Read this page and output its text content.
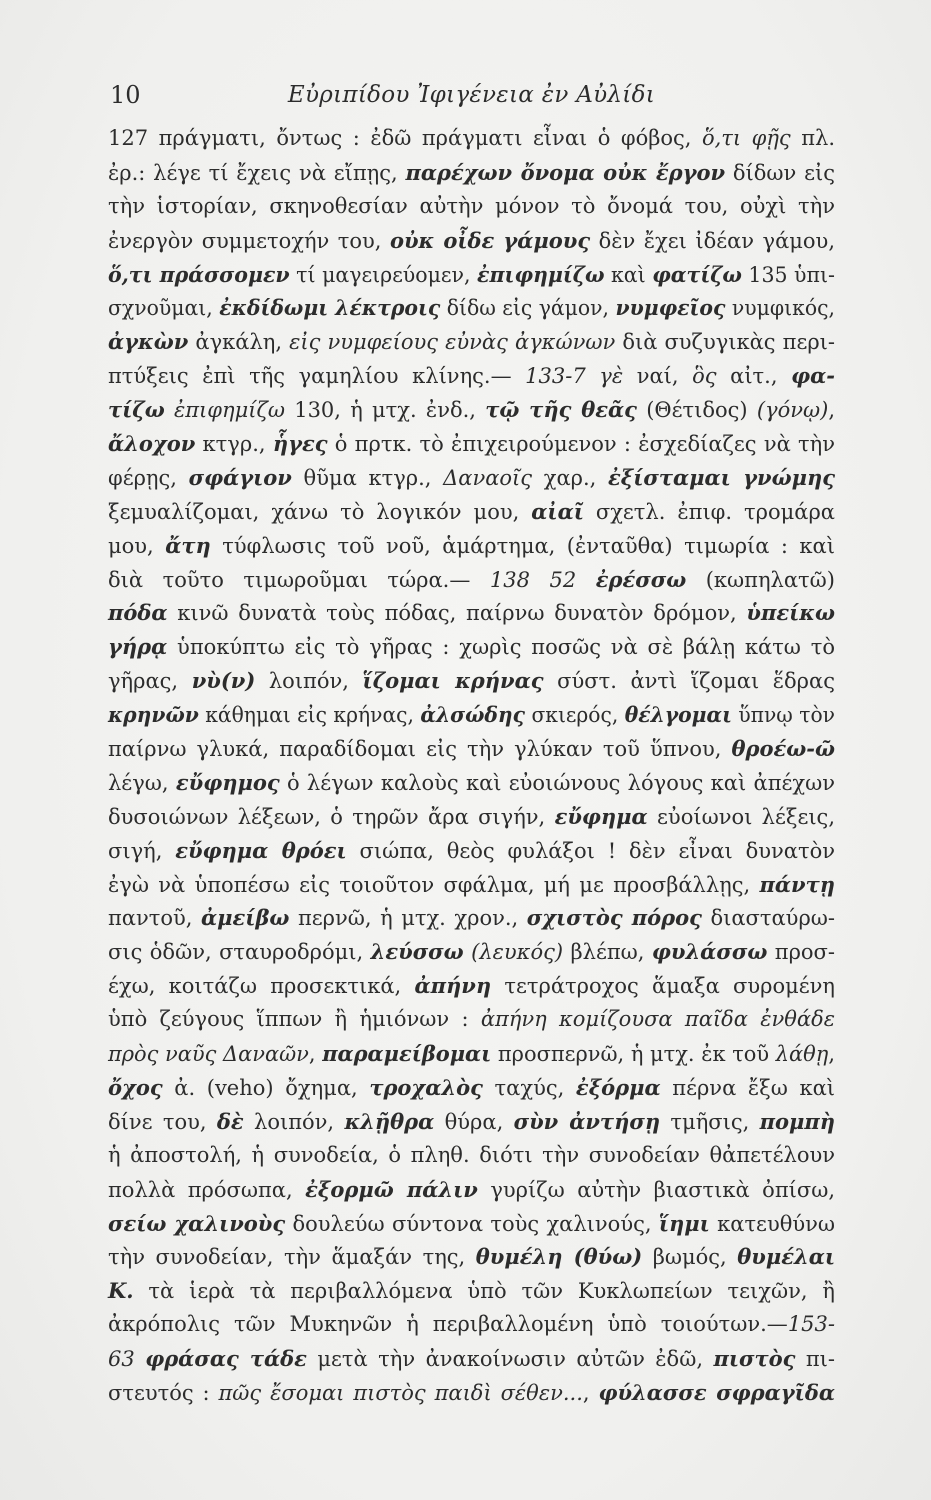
10	Εὐριπίδου Ἰφιγένεια ἐν Αὐλίδι
127 πράγματι, ὄντως : ἐδῶ πράγματι εἶναι ὁ φόβος, ὅ,τι φῇς πλ.
ἐρ.: λέγε τί ἔχεις νὰ εἴπῃς, παρέχων ὄνομα οὐκ ἔργον δίδων εἰς
τὴν ἱστορίαν, σκηνοθεσίαν αὐτὴν μόνον τὸ ὄνομά του, οὐχὶ τὴν
ἐνεργὸν συμμετοχήν του, οὐκ οἶδε γάμους δὲν ἔχει ἰδέαν γάμου,
ὅ,τι πράσσομεν τί μαγειρεύομεν, ἐπιφημίζω καὶ φατίζω 135 ὑπι-
σχνοῦμαι, ἐκδίδωμι λέκτροις δίδω εἰς γάμον, νυμφεῖος νυμφικός,
ἀγκὼν ἀγκάλη, εἰς νυμφείους εὐνὰς ἀγκώνων διὰ συζυγικὰς περι-
πτύξεις ἐπὶ τῆς γαμηλίου κλίνης.— 133-7 γὲ ναί, ὃς αἰτ., φα-
τίζω ἐπιφημίζω 130, ἡ μτχ. ἐνδ., τῷ τῆς θεᾶς (Θέτιδος) (γόνῳ),
ἄλοχον κτγρ., ἧγες ὁ πρτκ. τὸ ἐπιχειρούμενον : ἐσχεδίαζες νὰ τὴν
φέρῃς, σφάγιον θῦμα κτγρ., Δαναοῖς χαρ., ἐξίσταμαι γνώμης
ξεμυαλίζομαι, χάνω τὸ λογικόν μου, αἰαῖ σχετλ. ἐπιφ. τρομάρα
μου, ἄτη τύφλωσις τοῦ νοῦ, ἁμάρτημα, (ἐνταῦθα) τιμωρία : καὶ
διὰ τοῦτο τιμωροῦμαι τώρα.— 138 52 ἐρέσσω (κωπηλατῶ)
πόδα κινῶ δυνατὰ τοὺς πόδας, παίρνω δυνατὸν δρόμον, ὑπείκω
γήρᾳ ὑποκύπτω εἰς τὸ γῆρας : χωρὶς ποσῶς νὰ σὲ βάλῃ κάτω τὸ
γῆρας, νὺ(ν) λοιπόν, ἵζομαι κρήνας σύστ. ἀντὶ ἵζομαι ἕδρας
κρηνῶν κάθημαι εἰς κρήνας, ἀλσώδης σκιερός, θέλγομαι ὕπνῳ τὸν
παίρνω γλυκά, παραδίδομαι εἰς τὴν γλύκαν τοῦ ὕπνου, θροέω-ῶ
λέγω, εὔφημος ὁ λέγων καλοὺς καὶ εὐοιώνους λόγους καὶ ἀπέχων
δυσοιώνων λέξεων, ὁ τηρῶν ἄρα σιγήν, εὔφημα εὐοίωνοι λέξεις,
σιγή, εὔφημα θρόει σιώπα, θεὸς φυλάξοι ! δὲν εἶναι δυνατὸν
ἐγὼ νὰ ὑποπέσω εἰς τοιοῦτον σφάλμα, μή με προσβάλλῃς, πάντῃ
παντοῦ, ἀμείβω περνῶ, ἡ μτχ. χρον., σχιστὸς πόρος διασταύρω-
σις ὁδῶν, σταυροδρόμι, λεύσσω (λευκός) βλέπω, φυλάσσω προσ-
έχω, κοιτάζω προσεκτικά, ἀπήνη τετράτροχος ἅμαξα συρομένη
ὑπὸ ζεύγους ἵππων ἢ ἡμιόνων : ἀπήνη κομίζουσα παῖδα ἐνθάδε
πρὸς ναῦς Δαναῶν, παραμείβομαι προσπερνῶ, ἡ μτχ. ἐκ τοῦ λάθῃ,
ὄχος ἀ. (veho) ὄχημα, τροχαλὸς ταχύς, ἐξόρμα πέρνα ἔξω καὶ
δίνε του, δὲ λοιπόν, κλῇθρα θύρα, σὺν ἀντήσῃ τμῆσις, πομπὴ
ἡ ἀποστολή, ἡ συνοδεία, ὁ πληθ. διότι τὴν συνοδείαν θἀπετέλουν
πολλὰ πρόσωπα, ἐξορμῶ πάλιν γυρίζω αὐτὴν βιαστικὰ ὀπίσω,
σείω χαλινοὺς δουλεύω σύντονα τοὺς χαλινούς, ἵημι κατευθύνω
τὴν συνοδείαν, τὴν ἅμαξάν της, θυμέλη (θύω) βωμός, θυμέλαι
Κ. τὰ ἱερὰ τὰ περιβαλλόμενα ὑπὸ τῶν Κυκλωπείων τειχῶν, ἢ
ἀκρόπολις τῶν Μυκηνῶν ἡ περιβαλλομένη ὑπὸ τοιούτων.—153-
63 φράσας τάδε μετὰ τὴν ἀνακοίνωσιν αὐτῶν ἐδῶ, πιστὸς πι-
στευτός : πῶς ἔσομαι πιστὸς παιδὶ σέθεν..., φύλασσε σφραγῖδα
